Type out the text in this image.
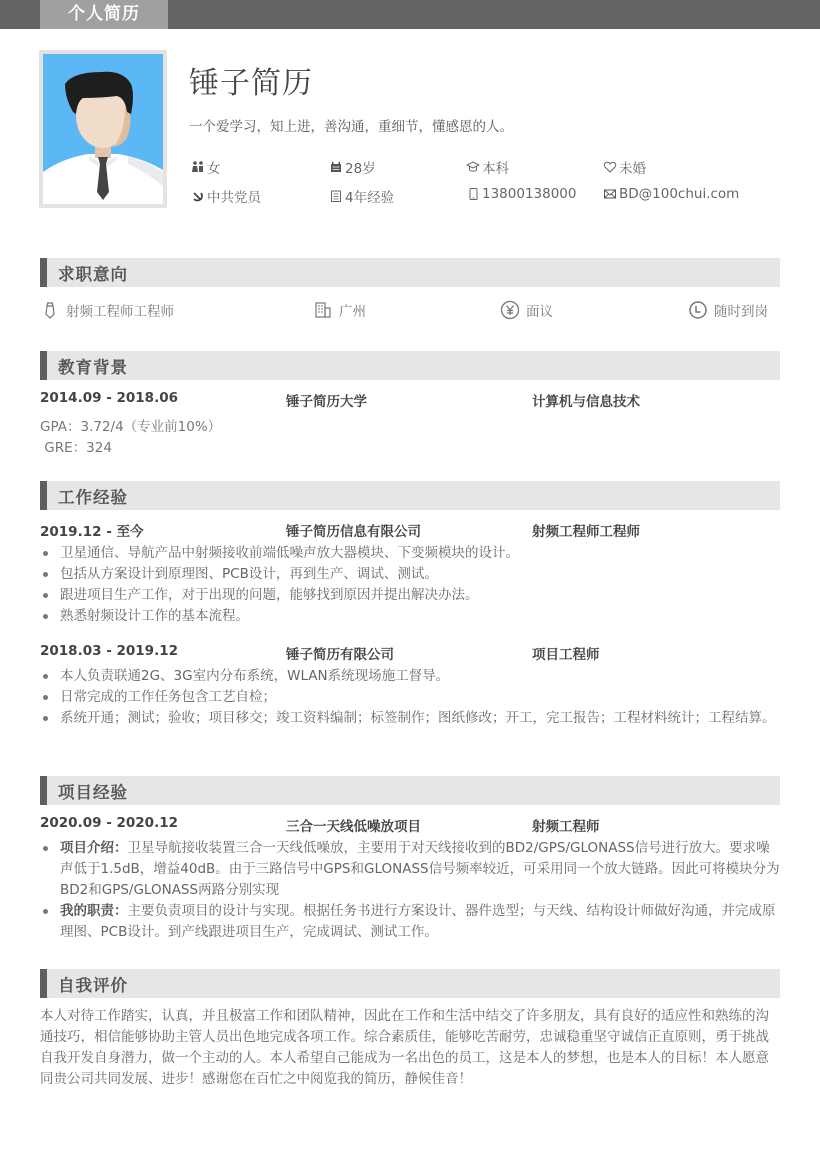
个人简历
锤子简历
一个爱学习，知上进，善沟通，重细节，懂感恩的人。
女	28岁	本科	未婚
中共党员	4年经验	13800138000	BD@100chui.com
求职意向
射频工程师工程师	广州	面议	随时到岗
教育背景
2014.09 - 2018.06	锤子简历大学	计算机与信息技术
GPA：3.72/4（专业前10%）
GRE：324
工作经验
2019.12 - 至今	锤子简历信息有限公司	射频工程师工程师
卫星通信、导航产品中射频接收前端低噪声放大器模块、下变频模块的设计。
包括从方案设计到原理图、PCB设计，再到生产、调试、测试。
跟进项目生产工作，对于出现的问题，能够找到原因并提出解决办法。
熟悉射频设计工作的基本流程。
2018.03 - 2019.12	锤子简历有限公司	项目工程师
本人负责联通2G、3G室内分布系统，WLAN系统现场施工督导。
日常完成的工作任务包含工艺自检；
系统开通；测试；验收；项目移交；竣工资料编制；标签制作；图纸修改；开工，完工报告；工程材料统计；工程结算。
项目经验
2020.09 - 2020.12	三合一天线低噪放项目	射频工程师
项目介绍：卫星导航接收装置三合一天线低噪放，主要用于对天线接收到的BD2/GPS/GLONASS信号进行放大。要求噪声低于1.5dB，增益40dB。由于三路信号中GPS和GLONASS信号频率较近，可采用同一个放大链路。因此可将模块分为BD2和GPS/GLONASS两路分别实现
我的职责：主要负责项目的设计与实现。根据任务书进行方案设计、器件选型；与天线、结构设计师做好沟通，并完成原理图、PCB设计。到产线跟进项目生产，完成调试、测试工作。
自我评价
本人对待工作踏实，认真，并且极富工作和团队精神，因此在工作和生活中结交了许多朋友，具有良好的适应性和熟练的沟通技巧，相信能够协助主管人员出色地完成各项工作。综合素质佳，能够吃苦耐劳，忠诚稳重坚守诚信正直原则，勇于挑战自我开发自身潜力，做一个主动的人。本人希望自己能成为一名出色的员工，这是本人的梦想，也是本人的目标！本人愿意同贵公司共同发展、进步！感谢您在百忙之中阅览我的简历，静候佳音！
